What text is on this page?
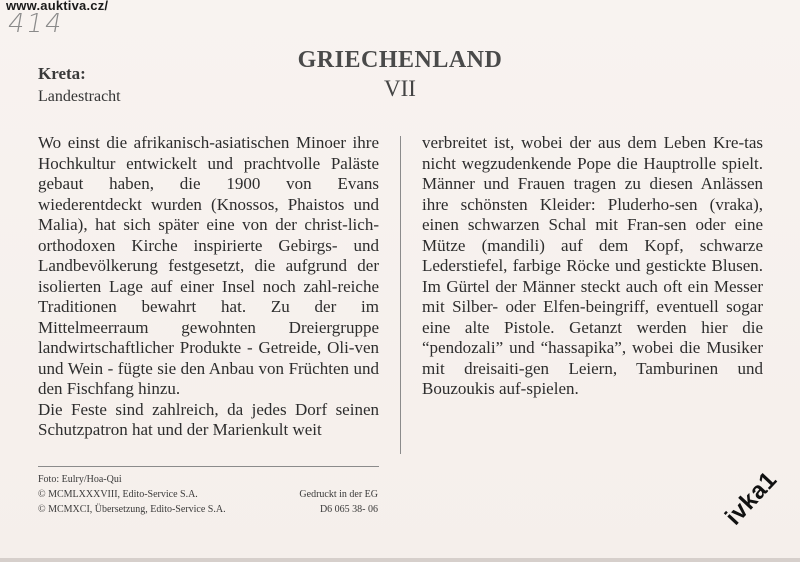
www.auktiva.cz/
414
Kreta:
Landestracht
GRIECHENLAND
VII

Wo einst die afrikanisch-asiatischen Minoer ihre Hochkultur entwickelt und prachtvolle Paläste gebaut haben, die 1900 von Evans wiederentdeckt wurden (Knossos, Phaistos und Malia), hat sich später eine von der christ-lich-orthodoxen Kirche inspirierte Gebirgs- und Landbevölkerung festgesetzt, die aufgrund der isolierten Lage auf einer Insel noch zahl-reiche Traditionen bewahrt hat. Zu der im Mittelmeerraum gewohnten Dreiergruppe landwirtschaftlicher Produkte - Getreide, Oli-ven und Wein - fügte sie den Anbau von Früchten und den Fischfang hinzu.

Die Feste sind zahlreich, da jedes Dorf seinen Schutzpatron hat und der Marienkult weit

verbreitet ist, wobei der aus dem Leben Kre-tas nicht wegzudenkende Pope die Hauptrolle spielt. Männer und Frauen tragen zu diesen Anlässen ihre schönsten Kleider: Pluderho-sen (vraka), einen schwarzen Schal mit Fran-sen oder eine Mütze (mandili) auf dem Kopf, schwarze Lederstiefel, farbige Röcke und gestickte Blusen. Im Gürtel der Männer steckt auch oft ein Messer mit Silber- oder Elfen-beingriff, eventuell sogar eine alte Pistole. Getanzt werden hier die “pendozali” und “hassapika”, wobei die Musiker mit dreisaiti-gen Leiern, Tamburinen und Bouzoukis auf-spielen.

Foto: Eulry/Hoa-Qui
© MCMLXXXVIII, Edito-Service S.A.
© MCMXCI, Übersetzung, Edito-Service S.A.
Gedruckt in der EG
D6 065 38- 06	ivka1
